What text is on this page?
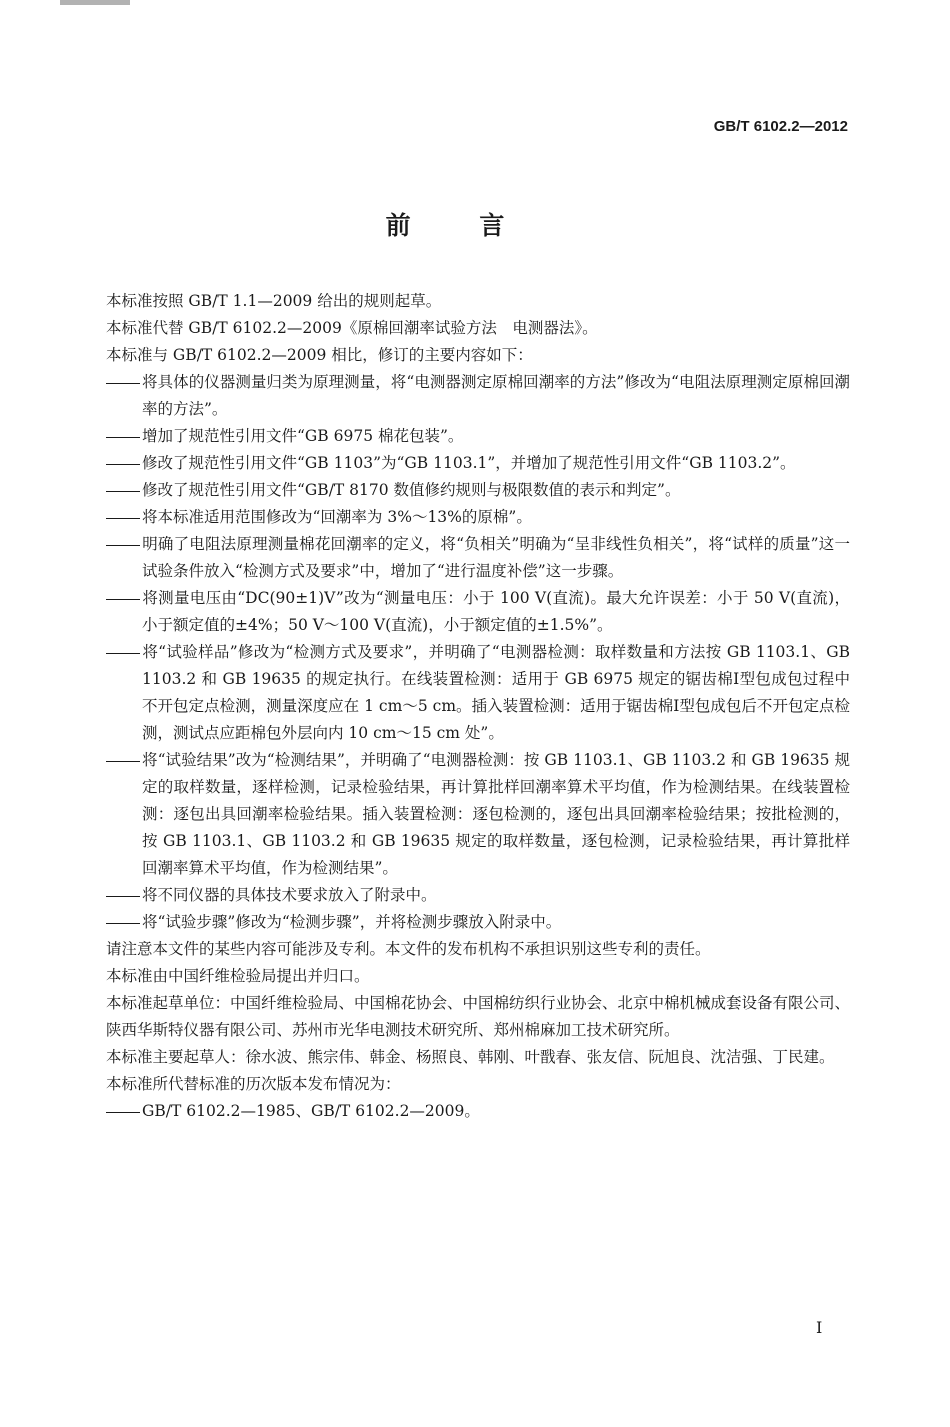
GB/T 6102.2—2012
前 言

本标准按照 GB/T 1.1—2009 给出的规则起草。

本标准代替 GB/T 6102.2—2009《原棉回潮率试验方法　电测器法》。

本标准与 GB/T 6102.2—2009 相比，修订的主要内容如下：

将具体的仪器测量归类为原理测量，将“电测器测定原棉回潮率的方法”修改为“电阻法原理测定原棉回潮率的方法”。

增加了规范性引用文件“GB 6975 棉花包装”。

修改了规范性引用文件“GB 1103”为“GB 1103.1”，并增加了规范性引用文件“GB 1103.2”。

修改了规范性引用文件“GB/T 8170 数值修约规则与极限数值的表示和判定”。

将本标准适用范围修改为“回潮率为 3%～13%的原棉”。

明确了电阻法原理测量棉花回潮率的定义，将“负相关”明确为“呈非线性负相关”，将“试样的质量”这一试验条件放入“检测方式及要求”中，增加了“进行温度补偿”这一步骤。

将测量电压由“DC(90±1)V”改为“测量电压：小于 100 V(直流)。最大允许误差：小于 50 V(直流)，小于额定值的±4%；50 V～100 V(直流)，小于额定值的±1.5%”。

将“试验样品”修改为“检测方式及要求”，并明确了“电测器检测：取样数量和方法按 GB 1103.1、GB 1103.2 和 GB 19635 的规定执行。在线装置检测：适用于 GB 6975 规定的锯齿棉Ⅰ型包成包过程中不开包定点检测，测量深度应在 1 cm～5 cm。插入装置检测：适用于锯齿棉Ⅰ型包成包后不开包定点检测，测试点应距棉包外层向内 10 cm～15 cm 处”。

将“试验结果”改为“检测结果”，并明确了“电测器检测：按 GB 1103.1、GB 1103.2 和 GB 19635 规定的取样数量，逐样检测，记录检验结果，再计算批样回潮率算术平均值，作为检测结果。在线装置检测：逐包出具回潮率检验结果。插入装置检测：逐包检测的，逐包出具回潮率检验结果；按批检测的，按 GB 1103.1、GB 1103.2 和 GB 19635 规定的取样数量，逐包检测，记录检验结果，再计算批样回潮率算术平均值，作为检测结果”。

将不同仪器的具体技术要求放入了附录中。

将“试验步骤”修改为“检测步骤”，并将检测步骤放入附录中。

请注意本文件的某些内容可能涉及专利。本文件的发布机构不承担识别这些专利的责任。

本标准由中国纤维检验局提出并归口。

本标准起草单位：中国纤维检验局、中国棉花协会、中国棉纺织行业协会、北京中棉机械成套设备有限公司、陕西华斯特仪器有限公司、苏州市光华电测技术研究所、郑州棉麻加工技术研究所。

本标准主要起草人：徐水波、熊宗伟、韩金、杨照良、韩刚、叶戬春、张友信、阮旭良、沈洁强、丁民建。

本标准所代替标准的历次版本发布情况为：

GB/T 6102.2—1985、GB/T 6102.2—2009。

I
